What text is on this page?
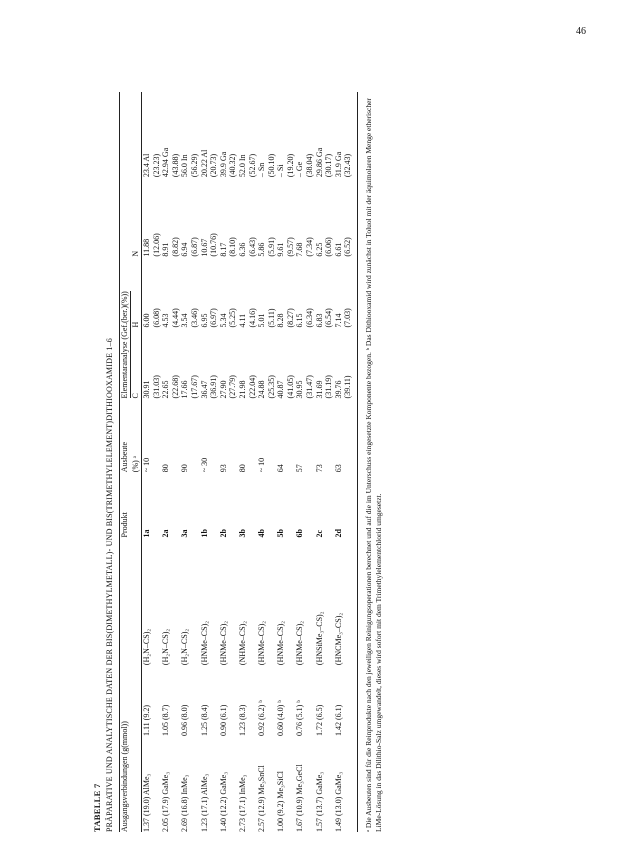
46
TABELLE 7 PRÄPARATIVE UND ANALYTISCHE DATEN DER BIS(DIMETHYLMETALL)- UND BIS(TRIMETHYLELEMENT)DITHIOOXAMIDE 1–6 Ausgangsverbindungen (g(mmol))			Produkt	Ausbeute	Elementaranalyse (Gef.(ber.)(%))			
				(%) ᵃ	C	H	N	

1.37 (19.0) AlMe₃	1.11 (9.2)	(H₂N–CS)₂	1a	~ 10	30.91	6.00	11.88	23.4 Al
					(31.03)	(6.08)	(12.06)	(23.23)
2.05 (17.9) GaMe₃	1.05 (8.7)	(H₂N–CS)₂	2a	80	22.65	4.53	8.91	42.94 Ga
					(22.68)	(4.44)	(8.82)	(43.88)
2.69 (16.8) InMe₃	0.96 (8.0)	(H₂N–CS)₂	3a	90	17.66	3.54	6.94	56.0 In
					(17.67)	(3.46)	(6.87)	(56.29)
1.23 (17.1) AlMe₃	1.25 (8.4)	(HNMe–CS)₂	1b	~ 30	36.47	6.95	10.67	20.22 Al
					(36.91)	(6.97)	(10.76)	(20.73)
1.40 (12.2) GaMe₃	0.90 (6.1)	(HNMe–CS)₂	2b	93	27.90	5.34	8.17	39.9 Ga
					(27.79)	(5.25)	(8.10)	(40.32)
2.73 (17.1) InMe₃	1.23 (8.3)	(NHMe–CS)₂	3b	80	21.98	4.11	6.36	52.0 In
					(22.04)	(4.16)	(6.43)	(52.67)
2.57 (12.9) Me₃SnCl	0.92 (6.2) ᵇ	(HNMe–CS)₂	4b	~ 10	24.88	5.01	5.86	– Sn
					(25.35)	(5.11)	(5.91)	(50.10)
1.00 (9.2) Me₃SiCl	0.60 (4.0) ᵇ	(HNMe–CS)₂	5b	64	40.87	8.28	9.61	– Si
					(41.05)	(8.27)	(9.57)	(19.20)
1.67 (10.9) Me₃GeCl	0.76 (5.1) ᵇ	(HNMe–CS)₂	6b	57	30.95	6.15	7.68	– Ge
					(31.47)	(6.34)	(7.34)	(38.04)
1.57 (13.7) GaMe₃	1.72 (6.5)	(HNSiMe₃–CS)₂	2c	73	31.69	6.83	6.25	29.86 Ga
					(31.19)	(6.54)	(6.06)	(30.17)
1.49 (13.0) GaMe₃	1.42 (6.1)	(HNCMe₃–CS)₂	2d	63	39.76	7.14	6.61	31.9 Ga
					(39.11)	(7.03)	(6.52)	(32.43) ᵃ Die Ausbeuten sind für die Reinprodukte nach den jeweiligen Reinigungsoperationen berechnet und auf die im Unterschuss eingesetzte Komponente bezogen. ᵇ Das Dithiooxamid wird zunächst in Toluol mit der äquimolaren Menge etherischer LiMe-Lösung in das Dilithio-Salz umgewandelt, dieses wird sofort mit dem Trimethylelementchlorid umgesetzt.
